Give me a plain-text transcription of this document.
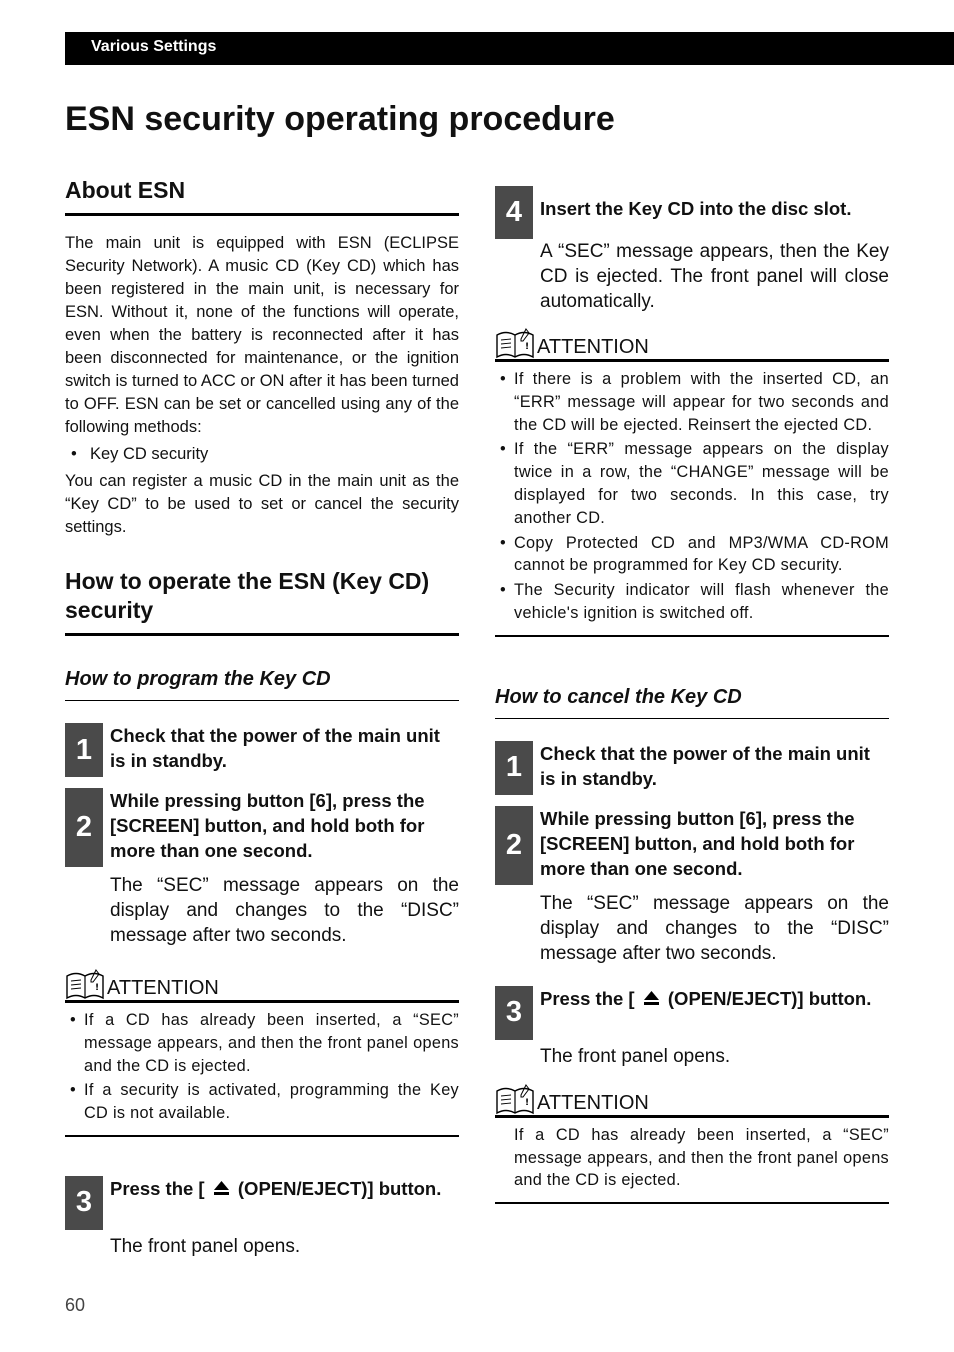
Various Settings
ESN security operating procedure
About ESN

The main unit is equipped with ESN (ECLIPSE Security Network). A music CD (Key CD) which has been registered in the main unit, is necessary for ESN. Without it, none of the functions will operate, even when the battery is reconnected after it has been disconnected for maintenance, or the ignition switch is turned to ACC or ON after it has been turned to OFF. ESN can be set or cancelled using any of the following methods:

• Key CD security

You can register a music CD in the main unit as the “Key CD” to be used to set or cancel the security settings.

How to operate the ESN (Key CD) security
How to program the Key CD
1 Check that the power of the main unit is in standby.
2
While pressing button [6], press the [SCREEN] button, and hold both for more than one second.
The “SEC” message appears on the display and changes to the “DISC” message after two seconds.
! ATTENTION
• If a CD has already been inserted, a “SEC” message appears, and then the front panel opens and the CD is ejected.
• If a security is activated, programming the Key CD is not available.
3 Press the [ (OPEN/EJECT)] button.
The front panel opens.
4 Insert the Key CD into the disc slot.
A “SEC” message appears, then the Key CD is ejected. The front panel will close automatically.
! ATTENTION
• If there is a problem with the inserted CD, an “ERR” message will appear for two seconds and the CD will be ejected. Reinsert the ejected CD.
• If the “ERR” message appears on the display twice in a row, the “CHANGE” message will be displayed for two seconds. In this case, try another CD.
• Copy Protected CD and MP3/WMA CD-ROM cannot be programmed for Key CD security.
• The Security indicator will flash whenever the vehicle's ignition is switched off.
How to cancel the Key CD
1 Check that the power of the main unit is in standby.
2
While pressing button [6], press the [SCREEN] button, and hold both for more than one second.
The “SEC” message appears on the display and changes to the “DISC” message after two seconds.
3 Press the [ (OPEN/EJECT)] button.
The front panel opens.
! ATTENTION
If a CD has already been inserted, a “SEC” message appears, and then the front panel opens and the CD is ejected.
60
